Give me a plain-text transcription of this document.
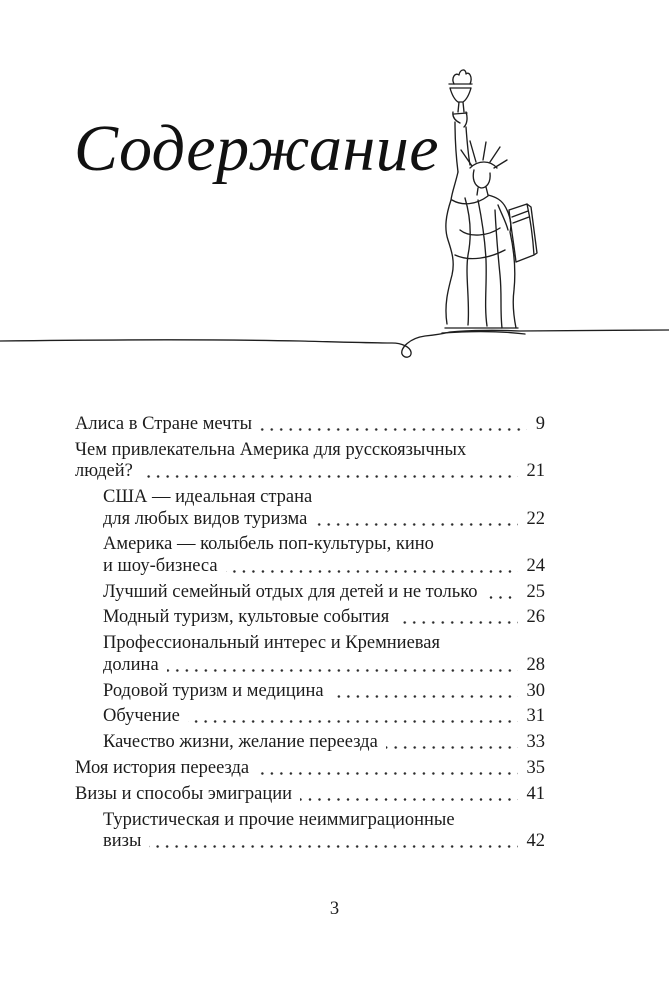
Содержание
Алиса в Стране мечты	9
Чем привлекательна Америка для русскоязычных
людей?	21
США — идеальная страна
для любых видов туризма	22
Америка — колыбель поп-культуры, кино
и шоу-бизнеса	24
Лучший семейный отдых для детей и не только	25
Модный туризм, культовые события	26
Профессиональный интерес и Кремниевая
долина	28
Родовой туризм и медицина	30
Обучение	31
Качество жизни, желание переезда	33
Моя история переезда	35
Визы и способы эмиграции	41
Туристическая и прочие неиммиграционные
визы	42
3
